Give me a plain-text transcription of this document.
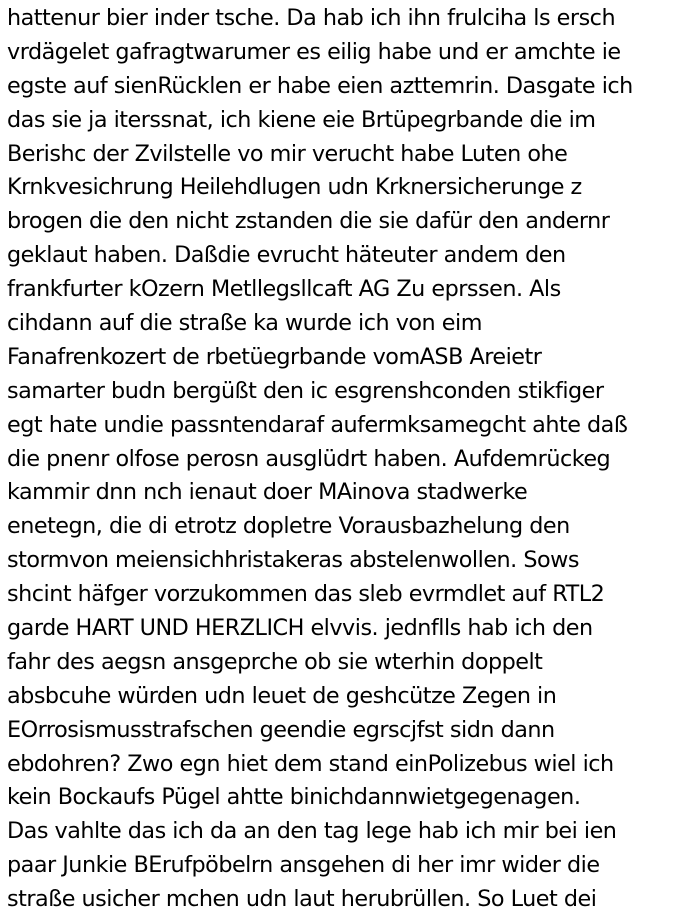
hattenur bier inder tsche. Da hab ich ihn frulciha ls ersch
vrdägelet gafragtwarumer es eilig habe und er amchte ie
egste auf sienRücklen er habe eien azttemrin. Dasgate ich
das sie ja iterssnat, ich kiene eie Brtüpegrbande die im
Berishc der Zvilstelle vo mir verucht habe Luten ohe
Krnkvesichrung Heilehdlugen udn Krknersicherunge z
brogen die den nicht zstanden die sie dafür den andernr
geklaut haben. Daßdie evrucht häteuter andem den
frankfurter kOzern Metllegsllcaft AG Zu eprssen. Als
cihdann auf die straße ka wurde ich von eim
Fanafrenkozert de rbetüegrbande vomASB Areietr
samarter budn bergüßt den ic esgrenshconden stikfiger
egt hate undie passntendaraf aufermksamegcht ahte daß
die pnenr olfose perosn ausglüdrt haben. Aufdemrückeg
kammir dnn nch ienaut doer MAinova stadwerke
enetegn, die di etrotz dopletre Vorausbazhelung den
stormvon meiensichhristakeras abstelenwollen. Sows
shcint häfger vorzukommen das sleb evrmdlet auf RTL2
garde HART UND HERZLICH elvvis. jednflls hab ich den
fahr des aegsn ansgeprche ob sie wterhin doppelt
absbcuhe würden udn leuet de geshcütze Zegen in
EOrrosismusstrafschen geendie egrscjfst sidn dann
ebdohren? Zwo egn hiet dem stand einPolizebus wiel ich
kein Bockaufs Pügel ahtte binichdannwietgegenagen.
Das vahlte das ich da an den tag lege hab ich mir bei ien
paar Junkie BErufpöbelrn ansgehen di her imr wider die
straße usicher mchen udn laut herubrüllen. So Luet dei
